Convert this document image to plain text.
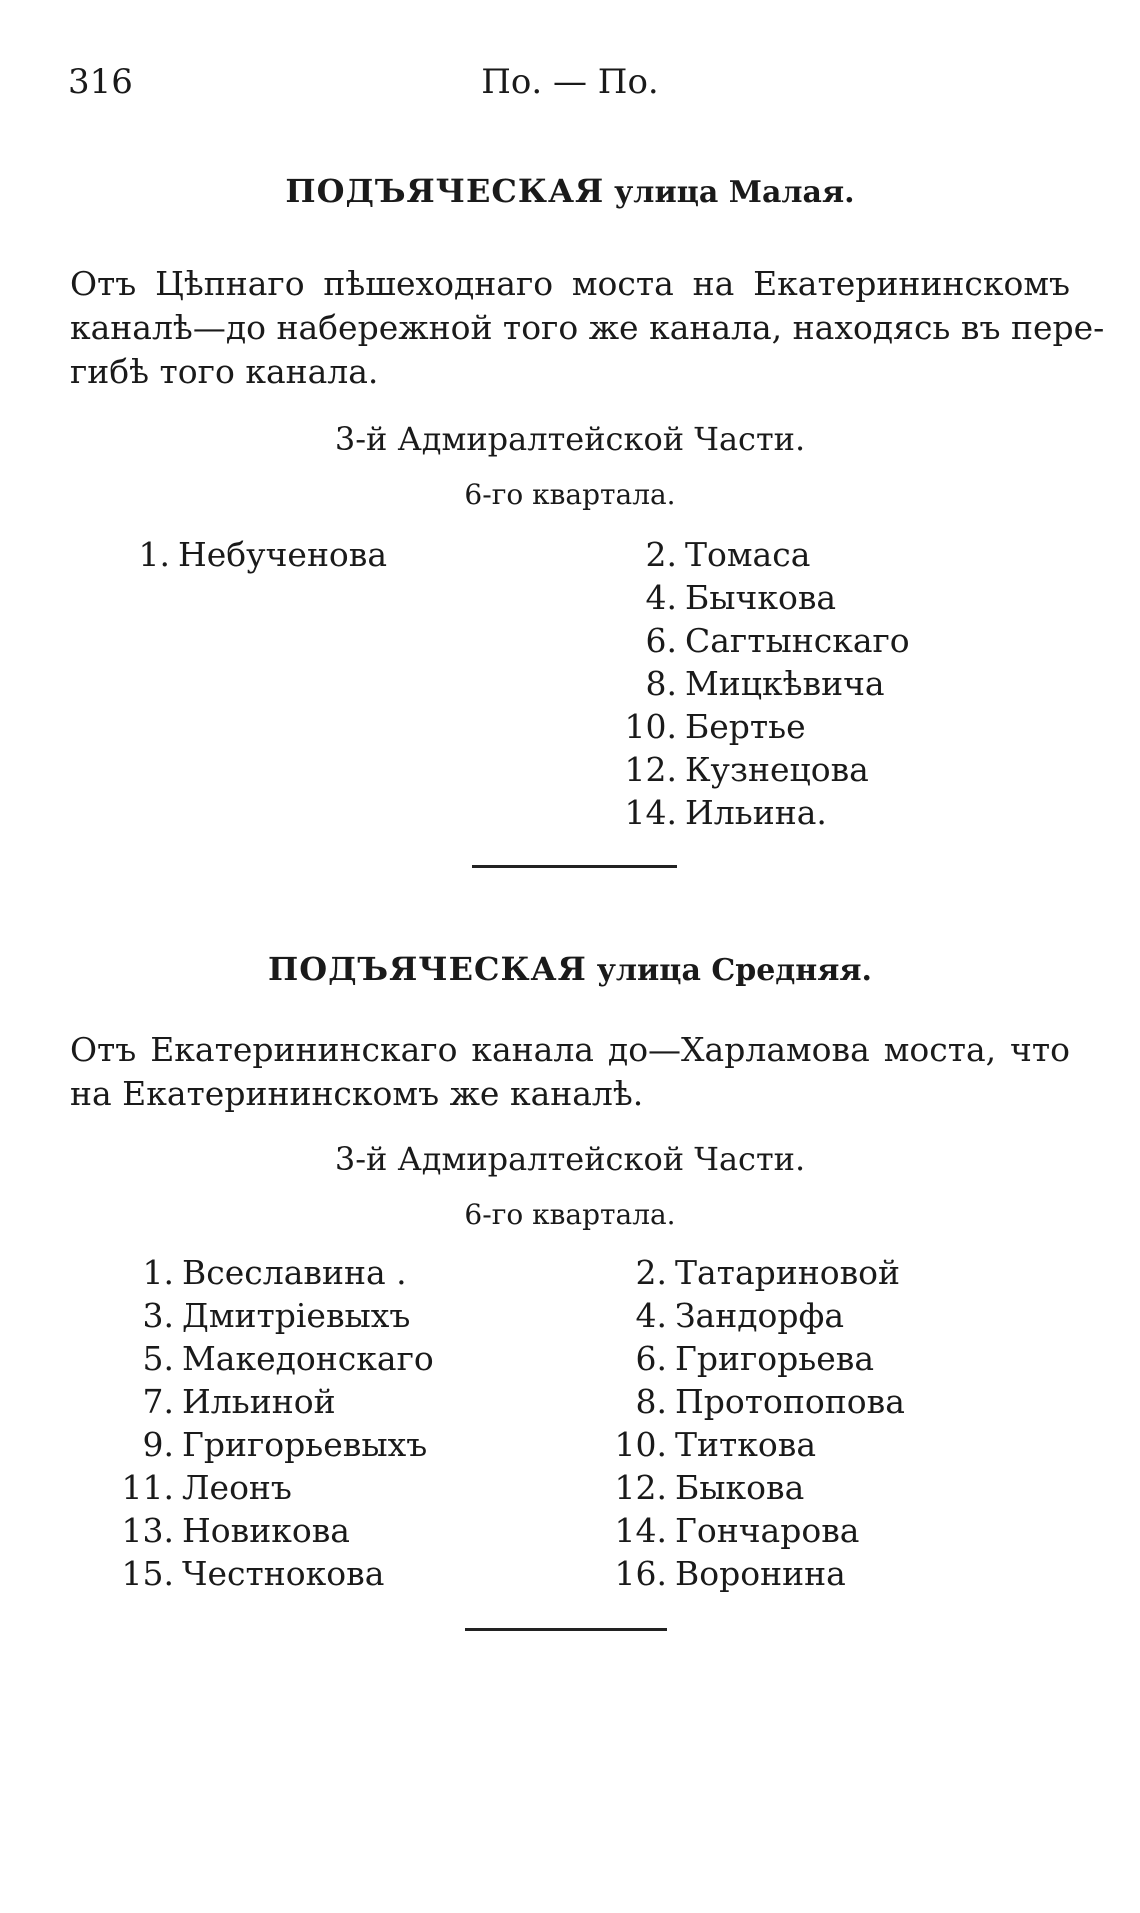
316	По. — По.
ПОДЪЯЧЕСКАЯ улица Малая.
Отъ Цѣпнаго пѣшеходнаго моста на Екатерининскомъ
каналѣ—до набережной того же канала, находясь въ пере-
гибѣ того канала.
3-й Адмиралтейской Части.
6-го квартала.
1. Небученова	2. Томаса
4. Бычкова
6. Сагтынскаго
8. Мицкѣвича
10. Бертье
12. Кузнецова
14. Ильина.
ПОДЪЯЧЕСКАЯ улица Средняя.
Отъ Екатерининскаго канала до—Харламова моста, что
на Екатерининскомъ же каналѣ.
3-й Адмиралтейской Части.
6-го квартала.
1. Всеславина .
3. Дмитріевыхъ
5. Македонскаго
7. Ильиной
9. Григорьевыхъ
11. Леонъ
13. Новикова
15. Честнокова
2. Татариновой
4. Зандорфа
6. Григорьева
8. Протопопова
10. Титкова
12. Быкова
14. Гончарова
16. Воронина
